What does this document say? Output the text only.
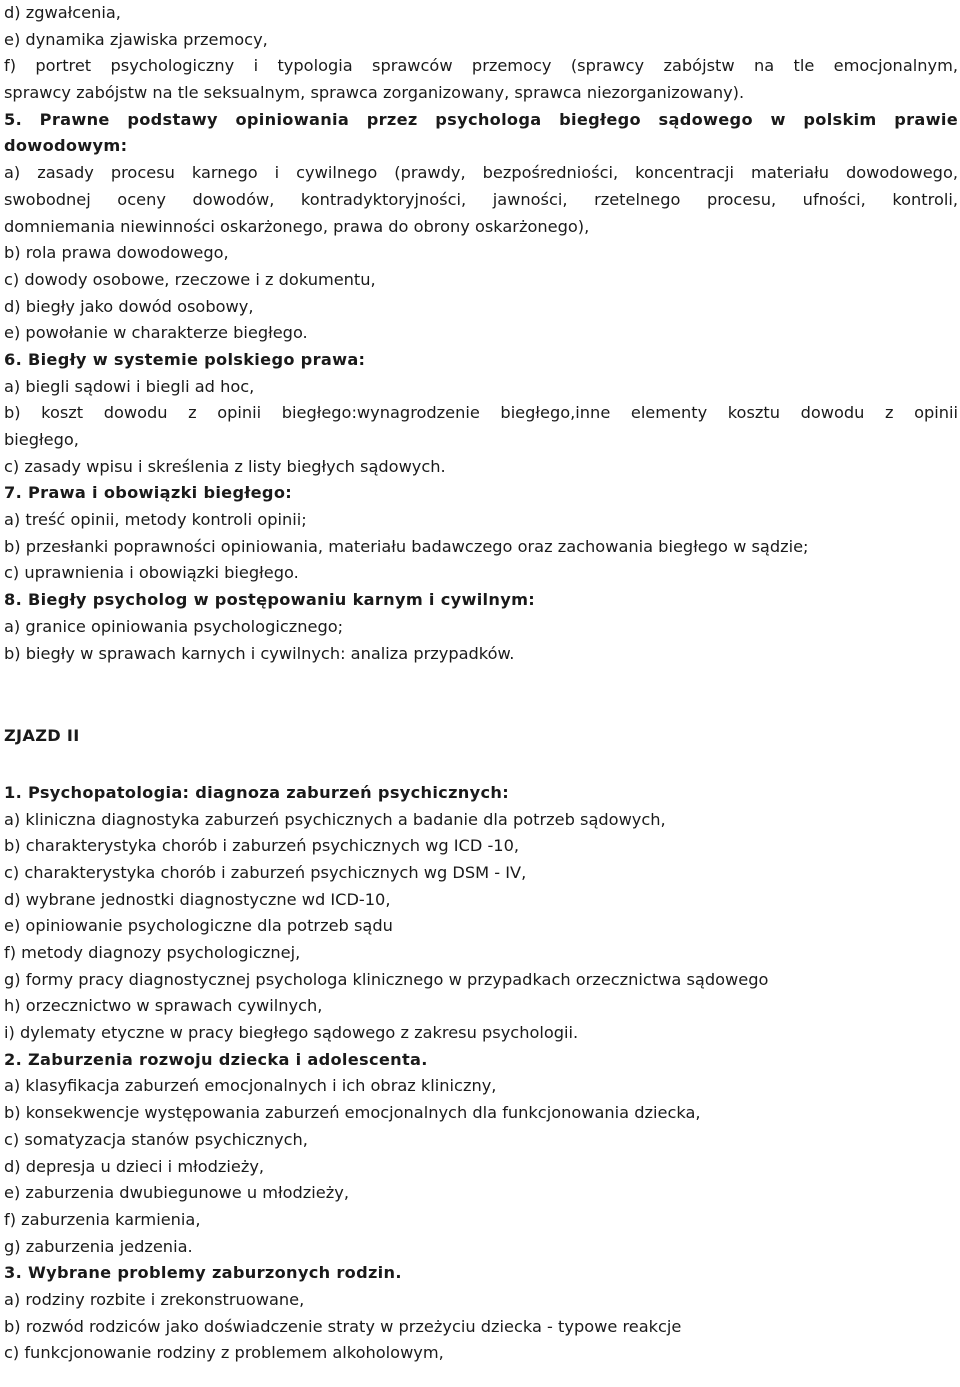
d) zgwałcenia,

e) dynamika zjawiska przemocy,

f) portret psychologiczny i typologia sprawców przemocy (sprawcy zabójstw na tle emocjonalnym,

sprawcy zabójstw na tle seksualnym, sprawca zorganizowany, sprawca niezorganizowany).

5. Prawne podstawy opiniowania przez psychologa biegłego sądowego w polskim prawie

dowodowym:

a) zasady procesu karnego i cywilnego (prawdy, bezpośredniości, koncentracji materiału dowodowego,

swobodnej oceny dowodów, kontradyktoryjności, jawności, rzetelnego procesu, ufności, kontroli,

domniemania niewinności oskarżonego, prawa do obrony oskarżonego),

b) rola prawa dowodowego,

c) dowody osobowe, rzeczowe i z dokumentu,

d) biegły jako dowód osobowy,

e) powołanie w charakterze biegłego.

6. Biegły w systemie polskiego prawa:

a) biegli sądowi i biegli ad hoc,

b) koszt dowodu z opinii biegłego:wynagrodzenie biegłego,inne elementy kosztu dowodu z opinii

biegłego,

c) zasady wpisu i skreślenia z listy biegłych sądowych.

7. Prawa i obowiązki biegłego:

a) treść opinii, metody kontroli opinii;

b) przesłanki poprawności opiniowania, materiału badawczego oraz zachowania biegłego w sądzie;

c) uprawnienia i obowiązki biegłego.

8. Biegły psycholog w postępowaniu karnym i cywilnym:

a) granice opiniowania psychologicznego;

b) biegły w sprawach karnych i cywilnych: analiza przypadków.

ZJAZD II

1. Psychopatologia: diagnoza zaburzeń psychicznych:

a) kliniczna diagnostyka zaburzeń psychicznych a badanie dla potrzeb sądowych,

b) charakterystyka chorób i zaburzeń psychicznych wg ICD -10,

c) charakterystyka chorób i zaburzeń psychicznych wg DSM - IV,

d) wybrane jednostki diagnostyczne wd ICD-10,

e) opiniowanie psychologiczne dla potrzeb sądu

f) metody diagnozy psychologicznej,

g) formy pracy diagnostycznej psychologa klinicznego w przypadkach orzecznictwa sądowego

h) orzecznictwo w sprawach cywilnych,

i) dylematy etyczne w pracy biegłego sądowego z zakresu psychologii.

2. Zaburzenia rozwoju dziecka i adolescenta.

a) klasyfikacja zaburzeń emocjonalnych i ich obraz kliniczny,

b) konsekwencje występowania zaburzeń emocjonalnych dla funkcjonowania dziecka,

c) somatyzacja stanów psychicznych,

d) depresja u dzieci i młodzieży,

e) zaburzenia dwubiegunowe u młodzieży,

f) zaburzenia karmienia,

g) zaburzenia jedzenia.

3. Wybrane problemy zaburzonych rodzin.

a) rodziny rozbite i zrekonstruowane,

b) rozwód rodziców jako doświadczenie straty w przeżyciu dziecka - typowe reakcje

c) funkcjonowanie rodziny z problemem alkoholowym,
